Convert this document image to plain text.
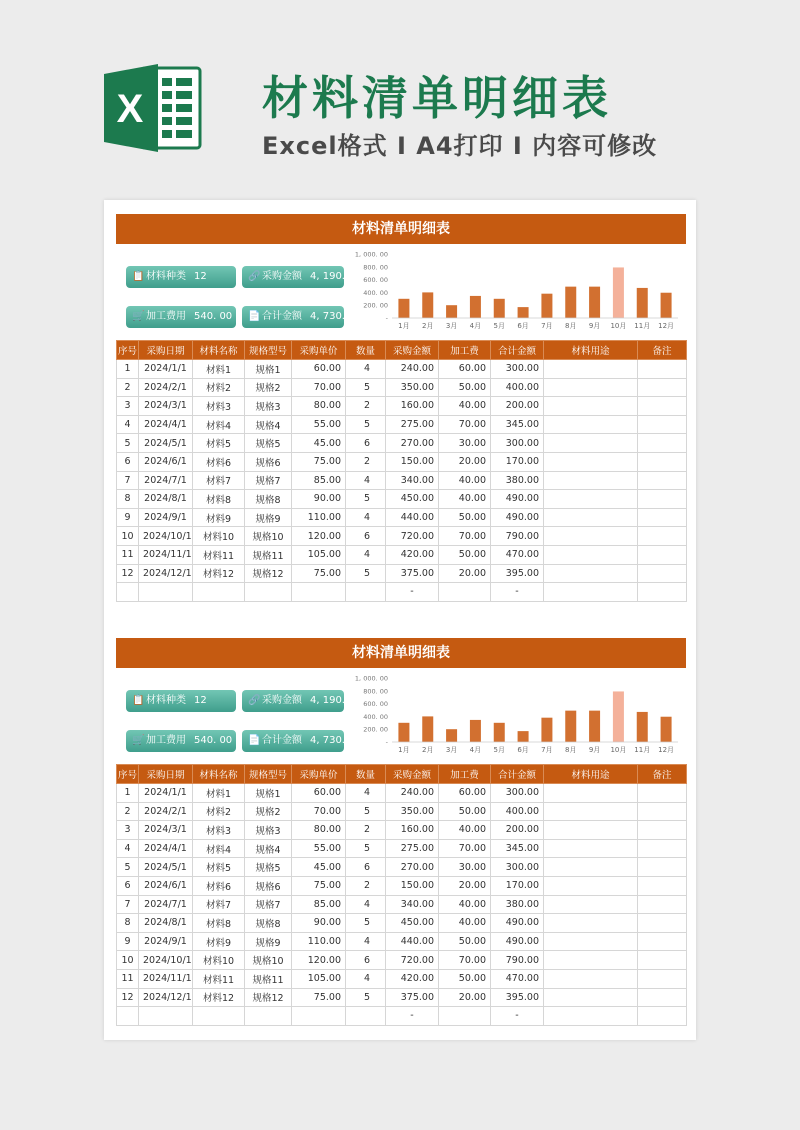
X	材料清单明细表
Excel格式 I A4打印 I 内容可修改
材料清单明细表
📋 材料种类 12	🔗 采购金额 4, 190. 00
🛒 加工费用 540. 00	📄 合计金额 4, 730. 00	-
200. 00
400. 00
600. 00
800. 00
1, 000. 00
1月 2月 3月 4月 5月 6月 7月 8月 9月 10月 11月 12月
序号	采购日期	材料名称	规格型号	采购单价	数量	采购金额	加工费	合计金额	材料用途	备注
1	2024/1/1	材料1	规格1	60.00	4	240.00	60.00	300.00		
2	2024/2/1	材料2	规格2	70.00	5	350.00	50.00	400.00		
3	2024/3/1	材料3	规格3	80.00	2	160.00	40.00	200.00		
4	2024/4/1	材料4	规格4	55.00	5	275.00	70.00	345.00		
5	2024/5/1	材料5	规格5	45.00	6	270.00	30.00	300.00		
6	2024/6/1	材料6	规格6	75.00	2	150.00	20.00	170.00		
7	2024/7/1	材料7	规格7	85.00	4	340.00	40.00	380.00		
8	2024/8/1	材料8	规格8	90.00	5	450.00	40.00	490.00		
9	2024/9/1	材料9	规格9	110.00	4	440.00	50.00	490.00		
10	2024/10/1	材料10	规格10	120.00	6	720.00	70.00	790.00		
11	2024/11/1	材料11	规格11	105.00	4	420.00	50.00	470.00		
12	2024/12/1	材料12	规格12	75.00	5	375.00	20.00	395.00		
						-		-		
材料清单明细表
📋 材料种类 12	🔗 采购金额 4, 190. 00
🛒 加工费用 540. 00	📄 合计金额 4, 730. 00	-
200. 00
400. 00
600. 00
800. 00
1, 000. 00
1月 2月 3月 4月 5月 6月 7月 8月 9月 10月 11月 12月
序号	采购日期	材料名称	规格型号	采购单价	数量	采购金额	加工费	合计金额	材料用途	备注
1	2024/1/1	材料1	规格1	60.00	4	240.00	60.00	300.00		
2	2024/2/1	材料2	规格2	70.00	5	350.00	50.00	400.00		
3	2024/3/1	材料3	规格3	80.00	2	160.00	40.00	200.00		
4	2024/4/1	材料4	规格4	55.00	5	275.00	70.00	345.00		
5	2024/5/1	材料5	规格5	45.00	6	270.00	30.00	300.00		
6	2024/6/1	材料6	规格6	75.00	2	150.00	20.00	170.00		
7	2024/7/1	材料7	规格7	85.00	4	340.00	40.00	380.00		
8	2024/8/1	材料8	规格8	90.00	5	450.00	40.00	490.00		
9	2024/9/1	材料9	规格9	110.00	4	440.00	50.00	490.00		
10	2024/10/1	材料10	规格10	120.00	6	720.00	70.00	790.00		
11	2024/11/1	材料11	规格11	105.00	4	420.00	50.00	470.00		
12	2024/12/1	材料12	规格12	75.00	5	375.00	20.00	395.00		
						-		-		
